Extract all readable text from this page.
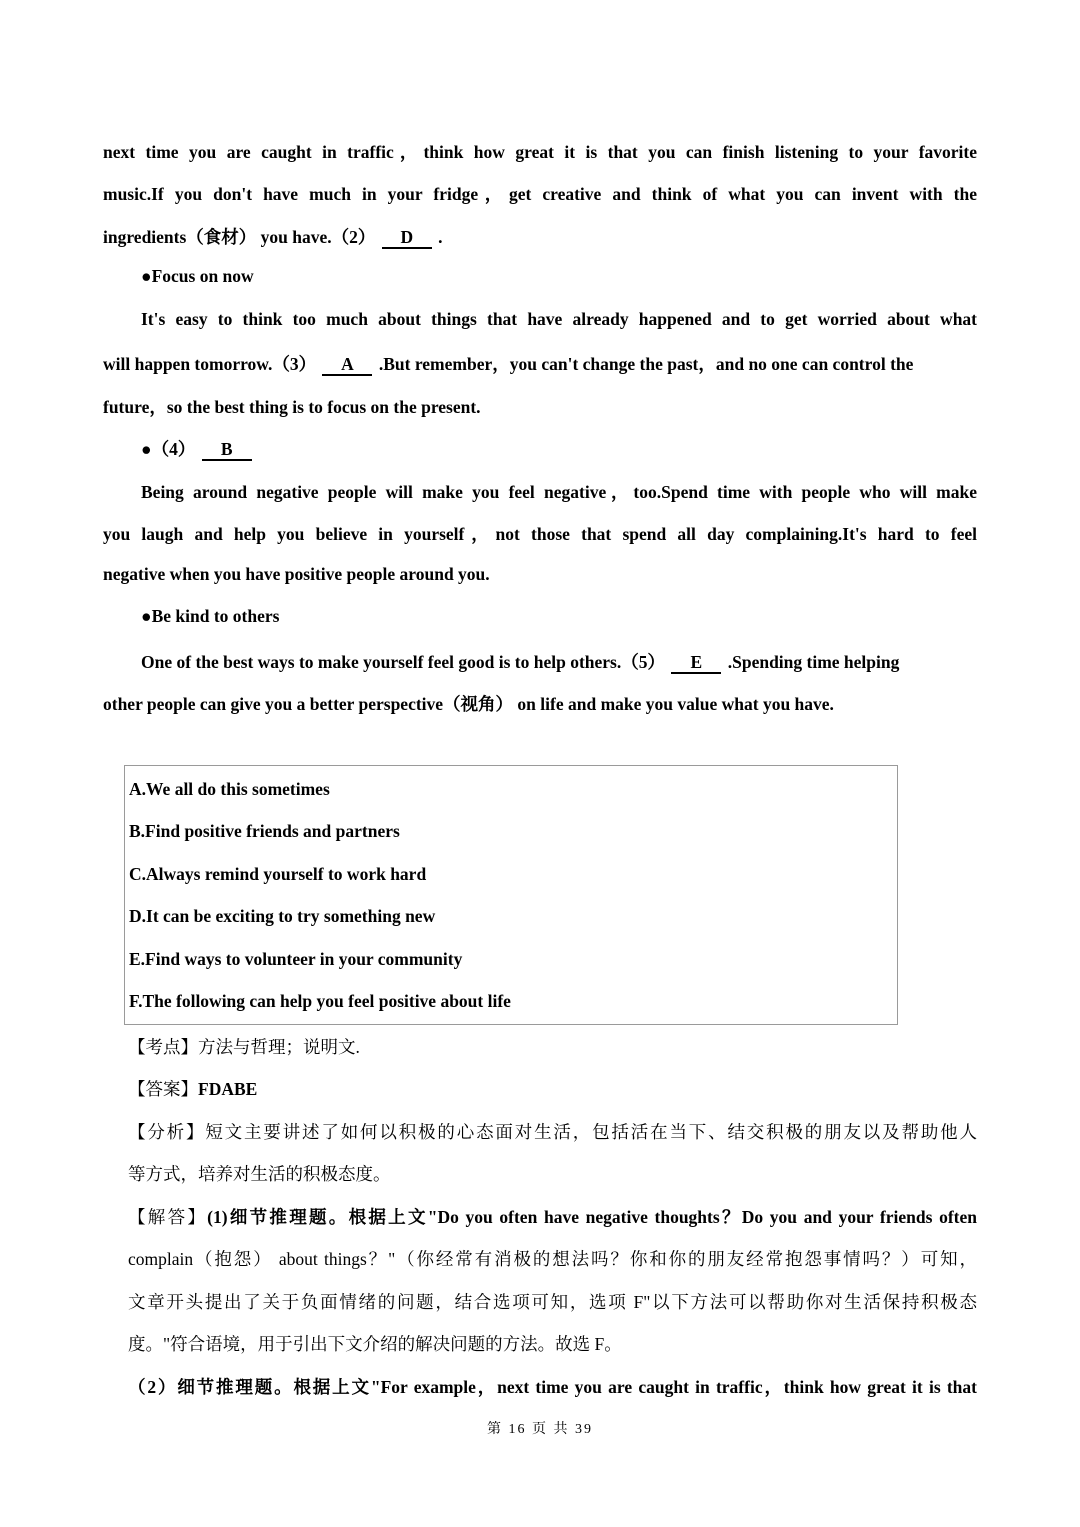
next time you are caught in traffic，think how great it is that you can finish listening to your favorite
music.If you don't have much in your fridge，get creative and think of what you can invent with the
ingredients（食材） you have.（2） D .
●Focus on now
It's easy to think too much about things that have already happened and to get worried about what
will happen tomorrow.（3） A .But remember，you can't change the past，and no one can control the
future，so the best thing is to focus on the present.
●（4） B
Being around negative people will make you feel negative，too.Spend time with people who will make
you laugh and help you believe in yourself，not those that spend all day complaining.It's hard to feel
negative when you have positive people around you.
●Be kind to others
One of the best ways to make yourself feel good is to help others.（5） E .Spending time helping
other people can give you a better perspective（视角） on life and make you value what you have.
A.We all do this sometimes
B.Find positive friends and partners
C.Always remind yourself to work hard
D.It can be exciting to try something new
E.Find ways to volunteer in your community
F.The following can help you feel positive about life
【考点】方法与哲理；说明文.
【答案】FDABE
【分析】短文主要讲述了如何以积极的心态面对生活，包括活在当下、结交积极的朋友以及帮助他人
等方式，培养对生活的积极态度。
【解答】(1)细节推理题。根据上文"Do you often have negative thoughts？Do you and your friends often
complain（抱怨） about things？"（你经常有消极的想法吗？你和你的朋友经常抱怨事情吗？）可知，
文章开头提出了关于负面情绪的问题，结合选项可知，选项 F"以下方法可以帮助你对生活保持积极态
度。"符合语境，用于引出下文介绍的解决问题的方法。故选 F。
（2）细节推理题。根据上文"For example，next time you are caught in traffic，think how great it is that
第 16 页 共 39
